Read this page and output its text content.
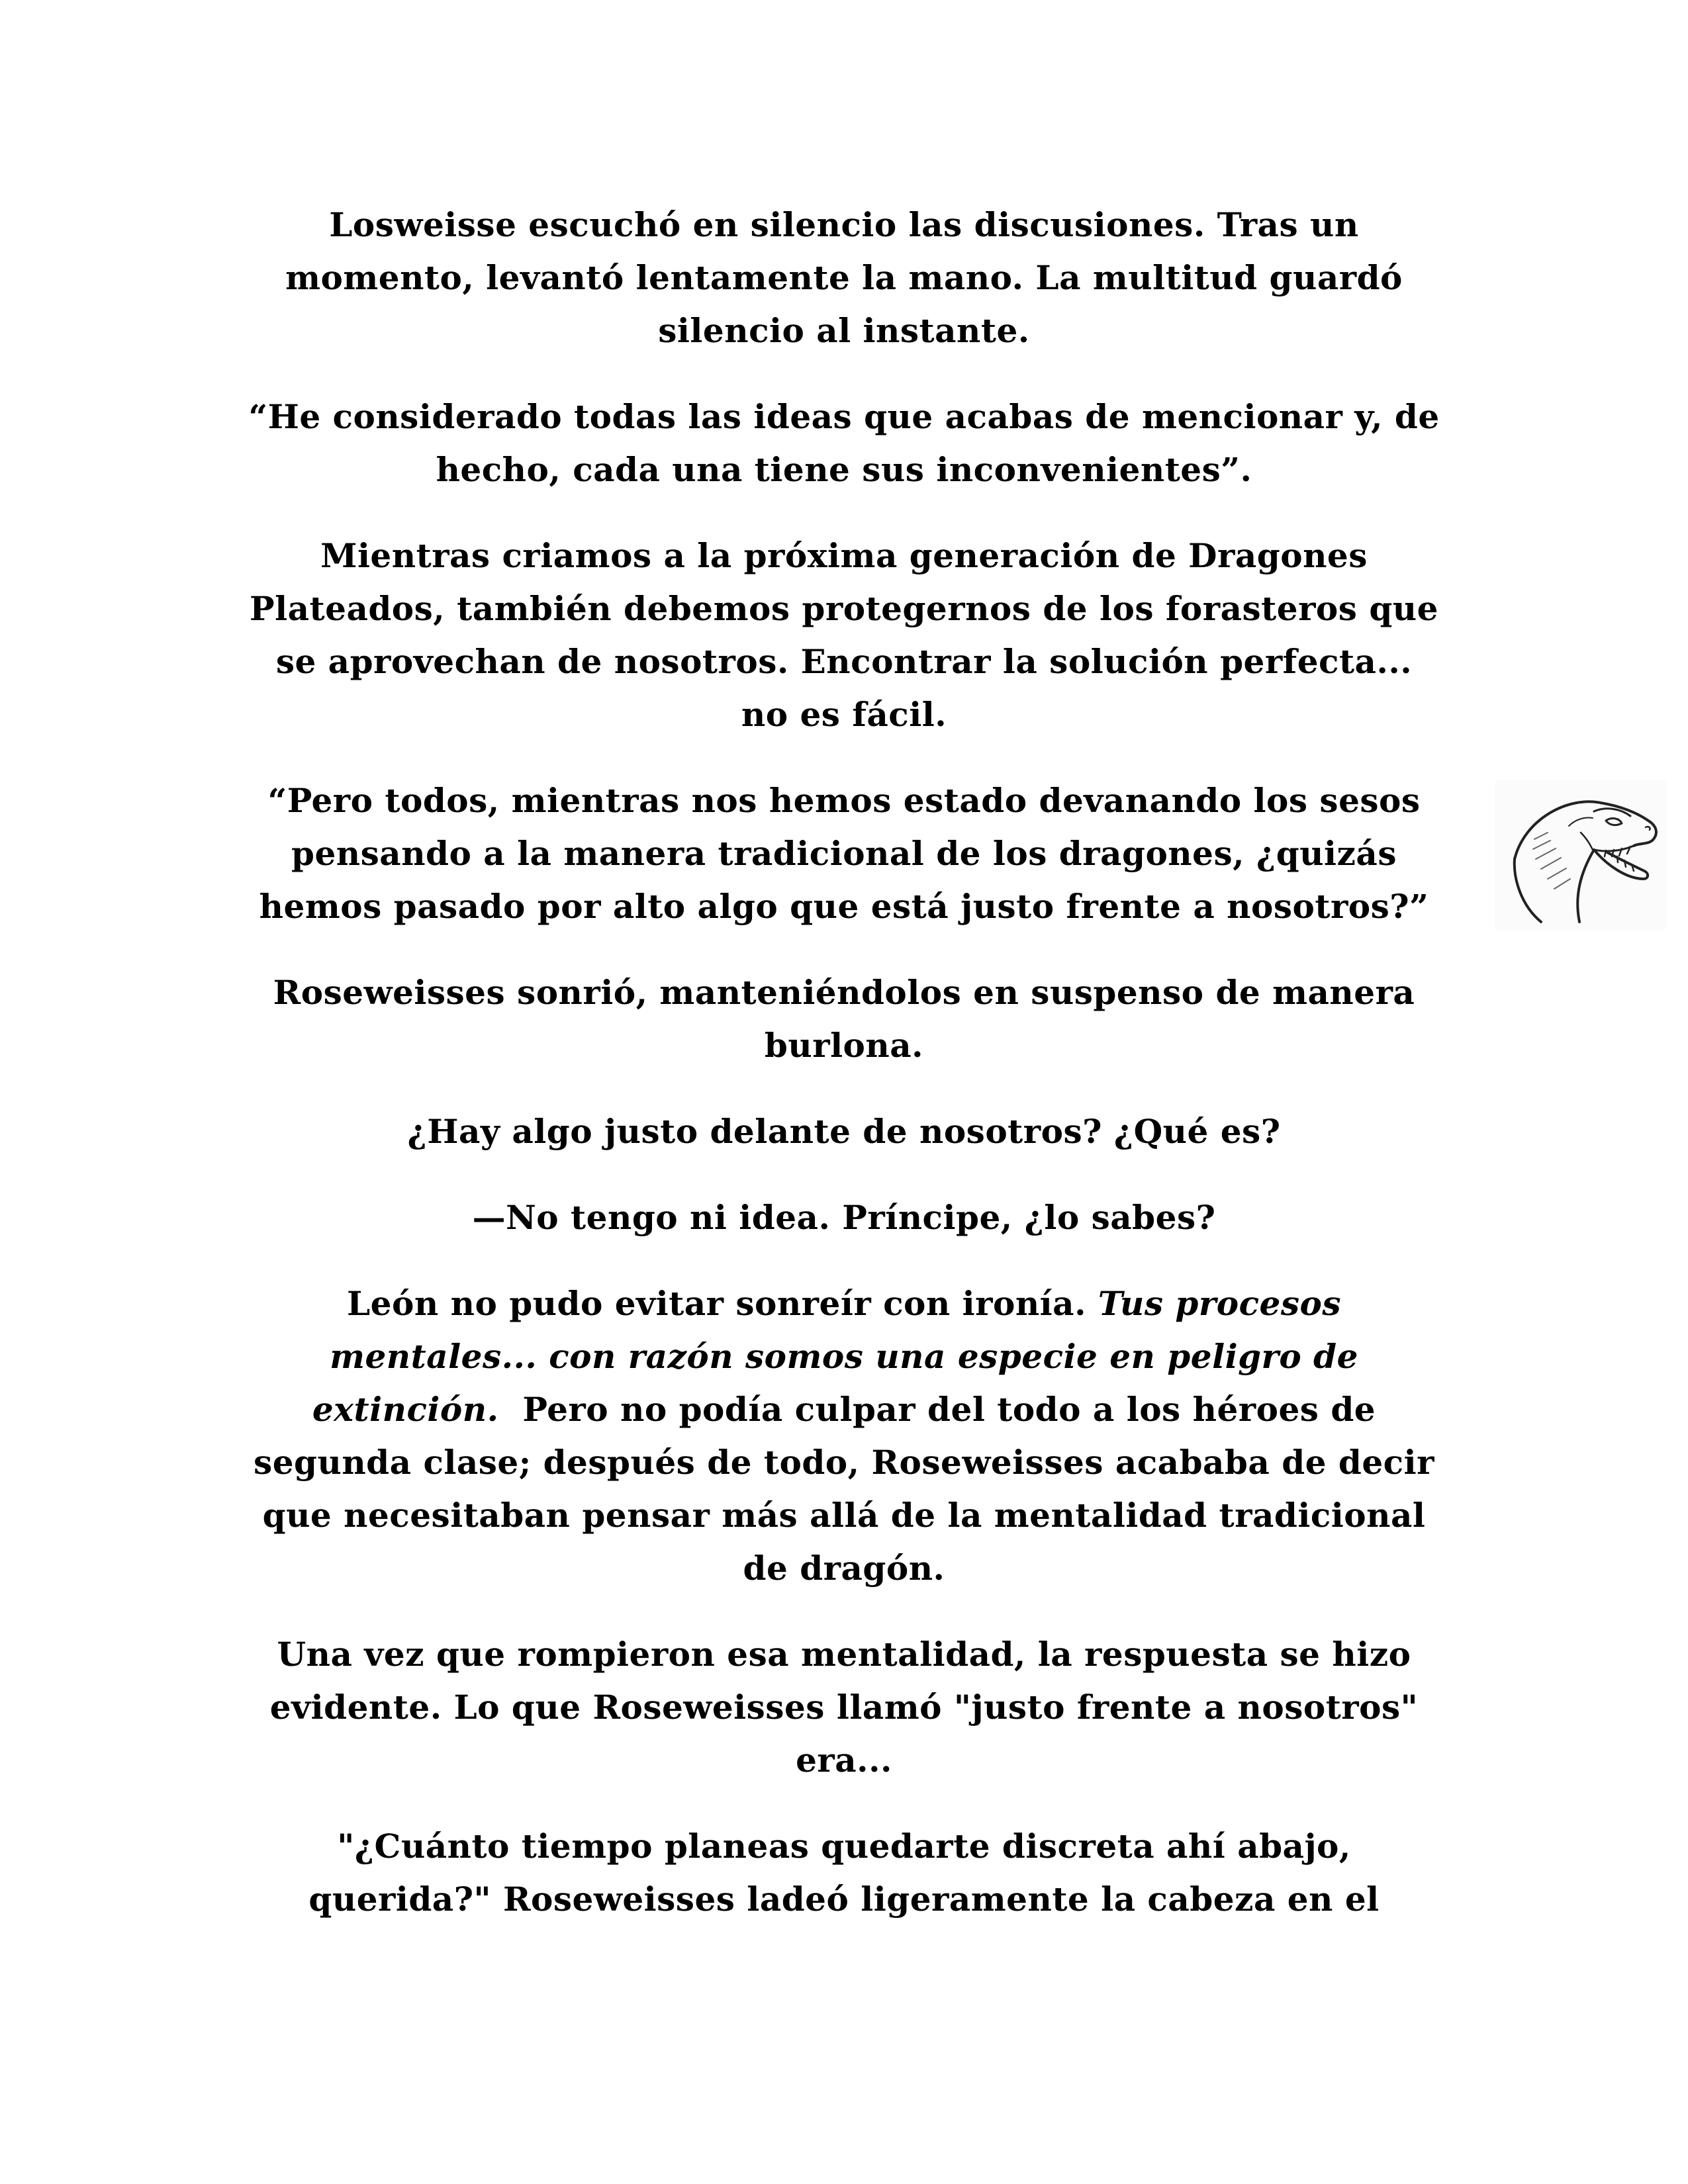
Losweisse escuchó en silencio las discusiones. Tras un
momento, levantó lentamente la mano. La multitud guardó
silencio al instante.

“He considerado todas las ideas que acabas de mencionar y, de
hecho, cada una tiene sus inconvenientes”.

Mientras criamos a la próxima generación de Dragones
Plateados, también debemos protegernos de los forasteros que
se aprovechan de nosotros. Encontrar la solución perfecta...
no es fácil.

“Pero todos, mientras nos hemos estado devanando los sesos
pensando a la manera tradicional de los dragones, ¿quizás
hemos pasado por alto algo que está justo frente a nosotros?”

Roseweisses sonrió, manteniéndolos en suspenso de manera
burlona.

¿Hay algo justo delante de nosotros? ¿Qué es?

—No tengo ni idea. Príncipe, ¿lo sabes?

León no pudo evitar sonreír con ironía. Tus procesos
mentales... con razón somos una especie en peligro de
extinción.  Pero no podía culpar del todo a los héroes de
segunda clase; después de todo, Roseweisses acababa de decir
que necesitaban pensar más allá de la mentalidad tradicional
de dragón.

Una vez que rompieron esa mentalidad, la respuesta se hizo
evidente. Lo que Roseweisses llamó "justo frente a nosotros"
era...

"¿Cuánto tiempo planeas quedarte discreta ahí abajo,
querida?" Roseweisses ladeó ligeramente la cabeza en el
